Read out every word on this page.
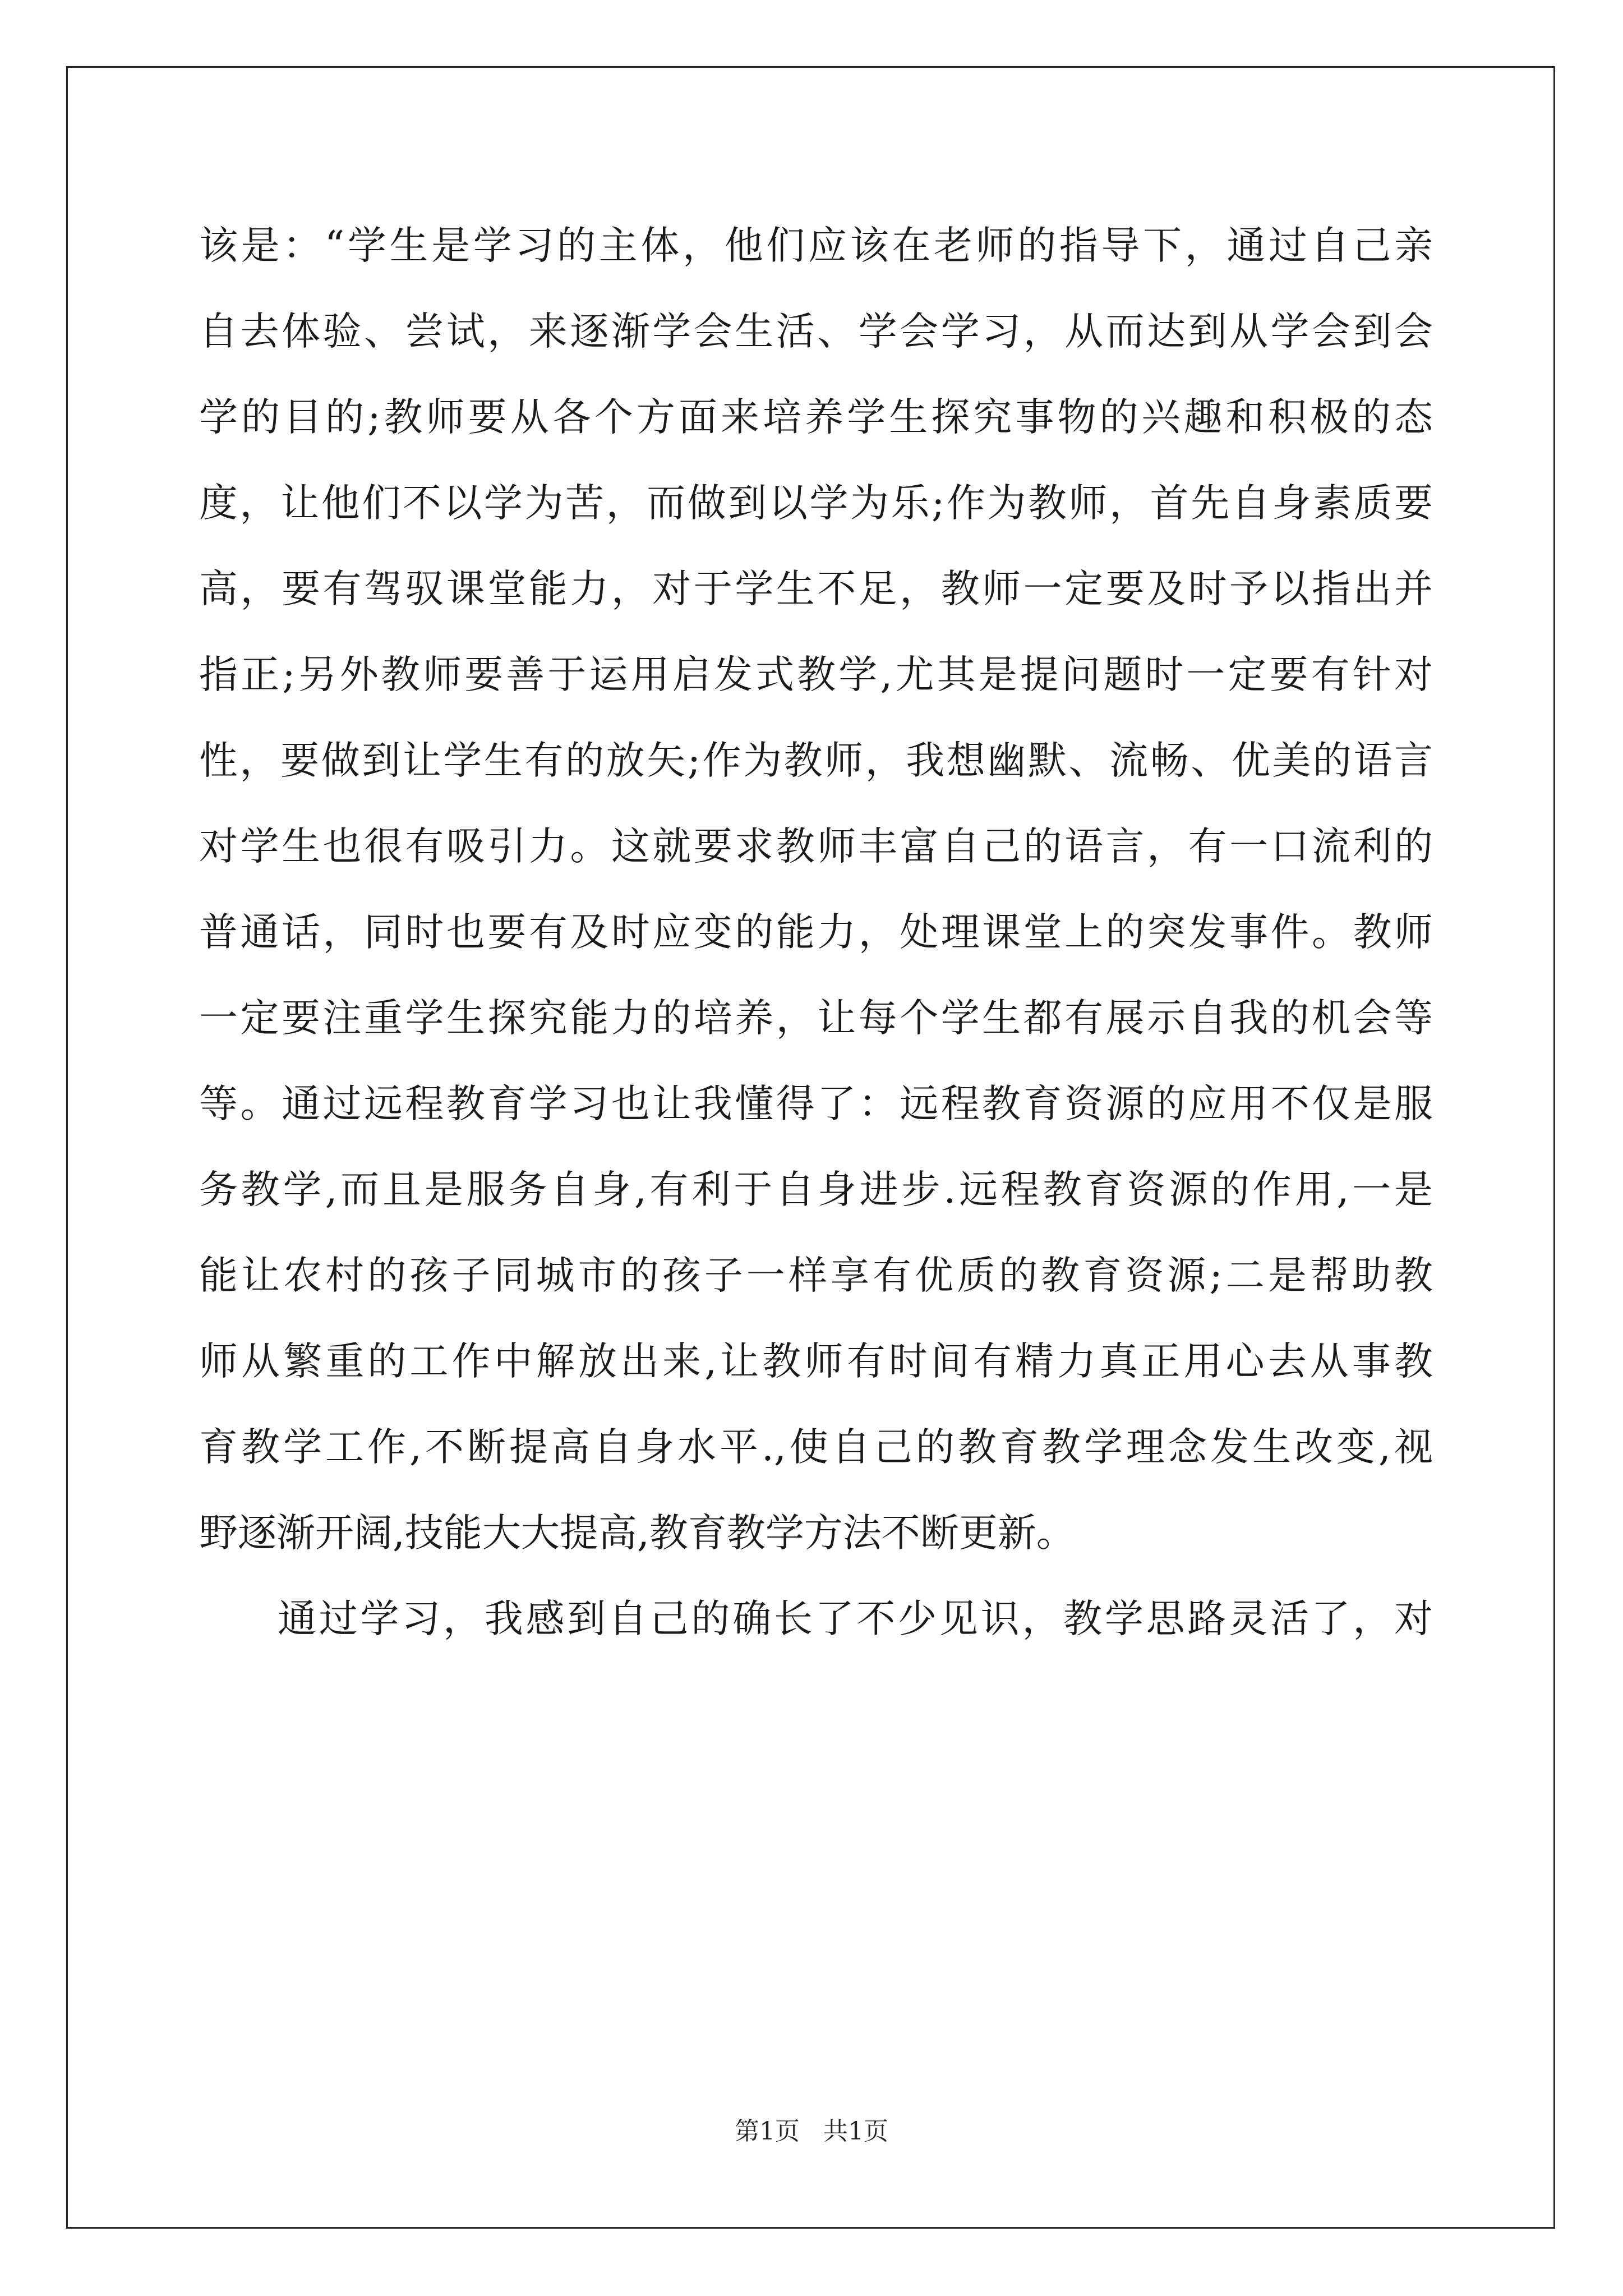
该是：“学生是学习的主体，他们应该在老师的指导下，通过自己亲
自去体验、尝试，来逐渐学会生活、学会学习，从而达到从学会到会
学的目的;教师要从各个方面来培养学生探究事物的兴趣和积极的态
度，让他们不以学为苦，而做到以学为乐;作为教师，首先自身素质要
高，要有驾驭课堂能力，对于学生不足，教师一定要及时予以指出并
指正;另外教师要善于运用启发式教学,尤其是提问题时一定要有针对
性，要做到让学生有的放矢;作为教师，我想幽默、流畅、优美的语言
对学生也很有吸引力。这就要求教师丰富自己的语言，有一口流利的
普通话，同时也要有及时应变的能力，处理课堂上的突发事件。教师
一定要注重学生探究能力的培养，让每个学生都有展示自我的机会等
等。通过远程教育学习也让我懂得了：远程教育资源的应用不仅是服
务教学,而且是服务自身,有利于自身进步.远程教育资源的作用,一是
能让农村的孩子同城市的孩子一样享有优质的教育资源;二是帮助教
师从繁重的工作中解放出来,让教师有时间有精力真正用心去从事教
育教学工作,不断提高自身水平.,使自己的教育教学理念发生改变,视
野逐渐开阔,技能大大提高,教育教学方法不断更新。
通过学习，我感到自己的确长了不少见识，教学思路灵活了，对
第1页   共1页
